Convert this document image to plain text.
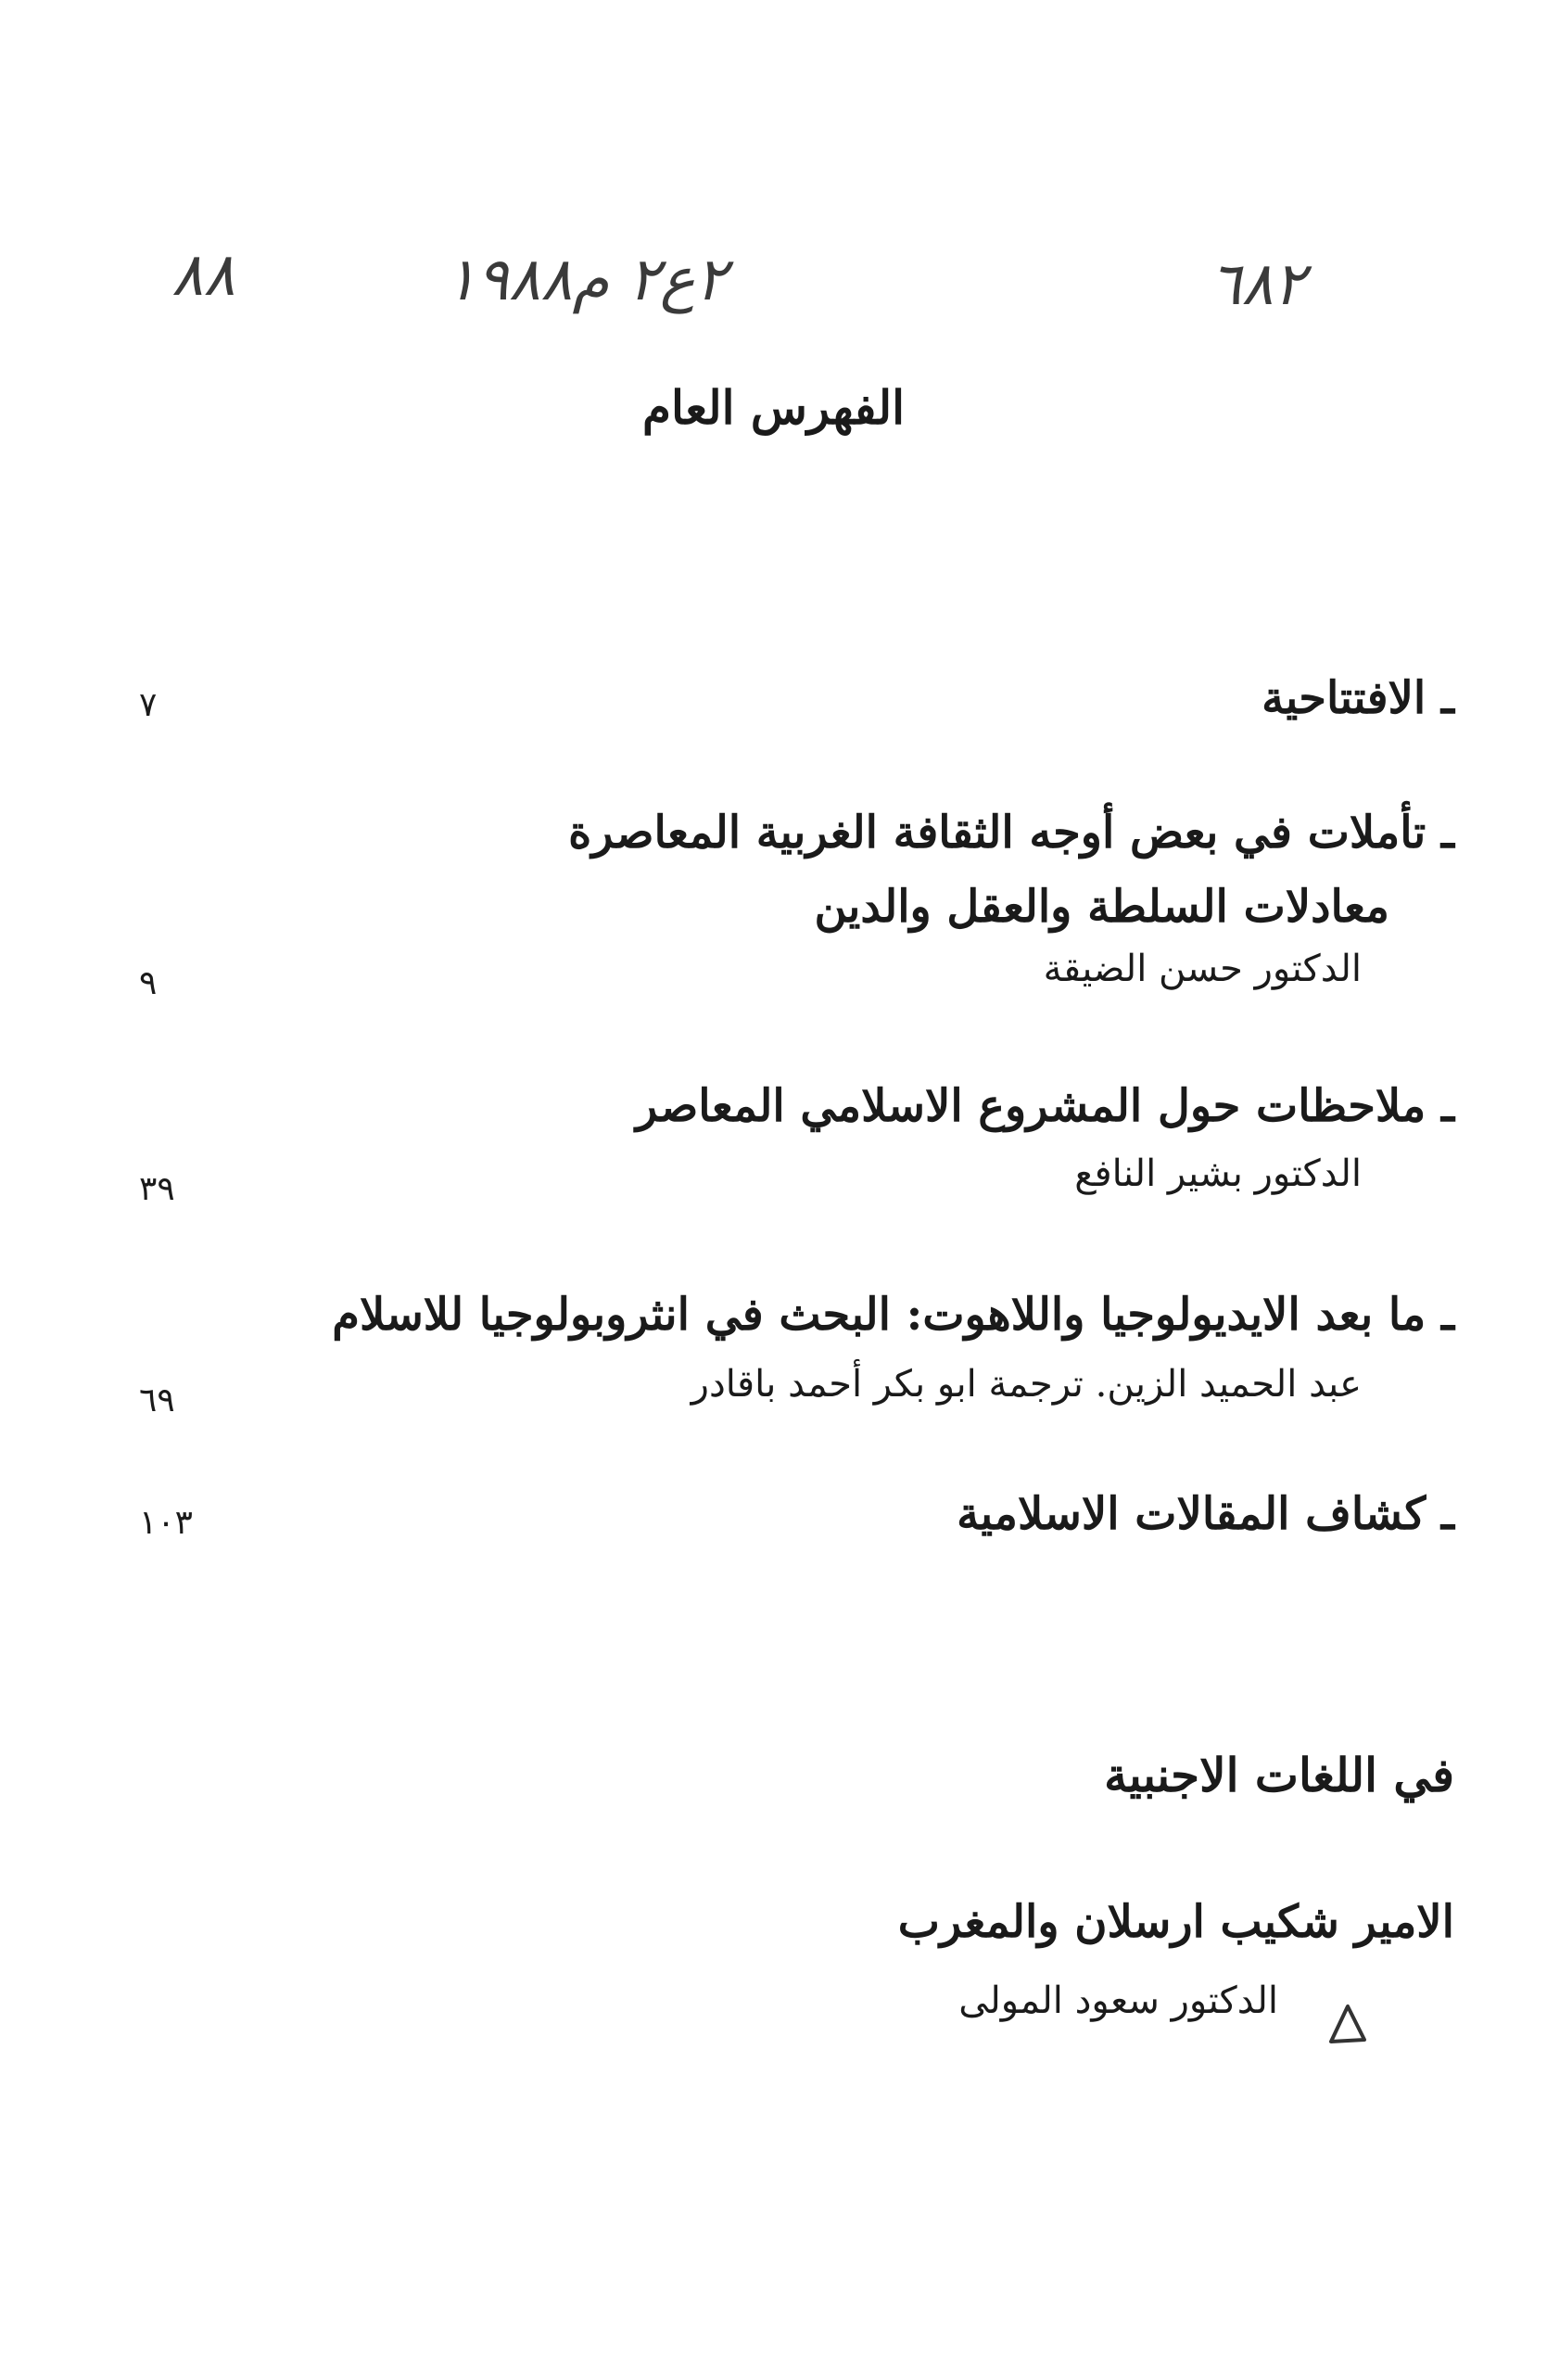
٨٨	٢ع٢ م١٩٨٨	٦٨٢
الفهرس العام
ـ الافتتاحية
٧
ـ تأملات في بعض أوجه الثقافة الغربية المعاصرة
معادلات السلطة والعقل والدين
الدكتور حسن الضيقة
٩
ـ ملاحظات حول المشروع الاسلامي المعاصر
الدكتور بشير النافع
٣٩
ـ ما بعد الايديولوجيا واللاهوت: البحث في انثروبولوجيا للاسلام
عبد الحميد الزين. ترجمة ابو بكر أحمد باقادر
٦٩
ـ كشاف المقالات الاسلامية
١٠٣
في اللغات الاجنبية
الامير شكيب ارسلان والمغرب
الدكتور سعود المولى
